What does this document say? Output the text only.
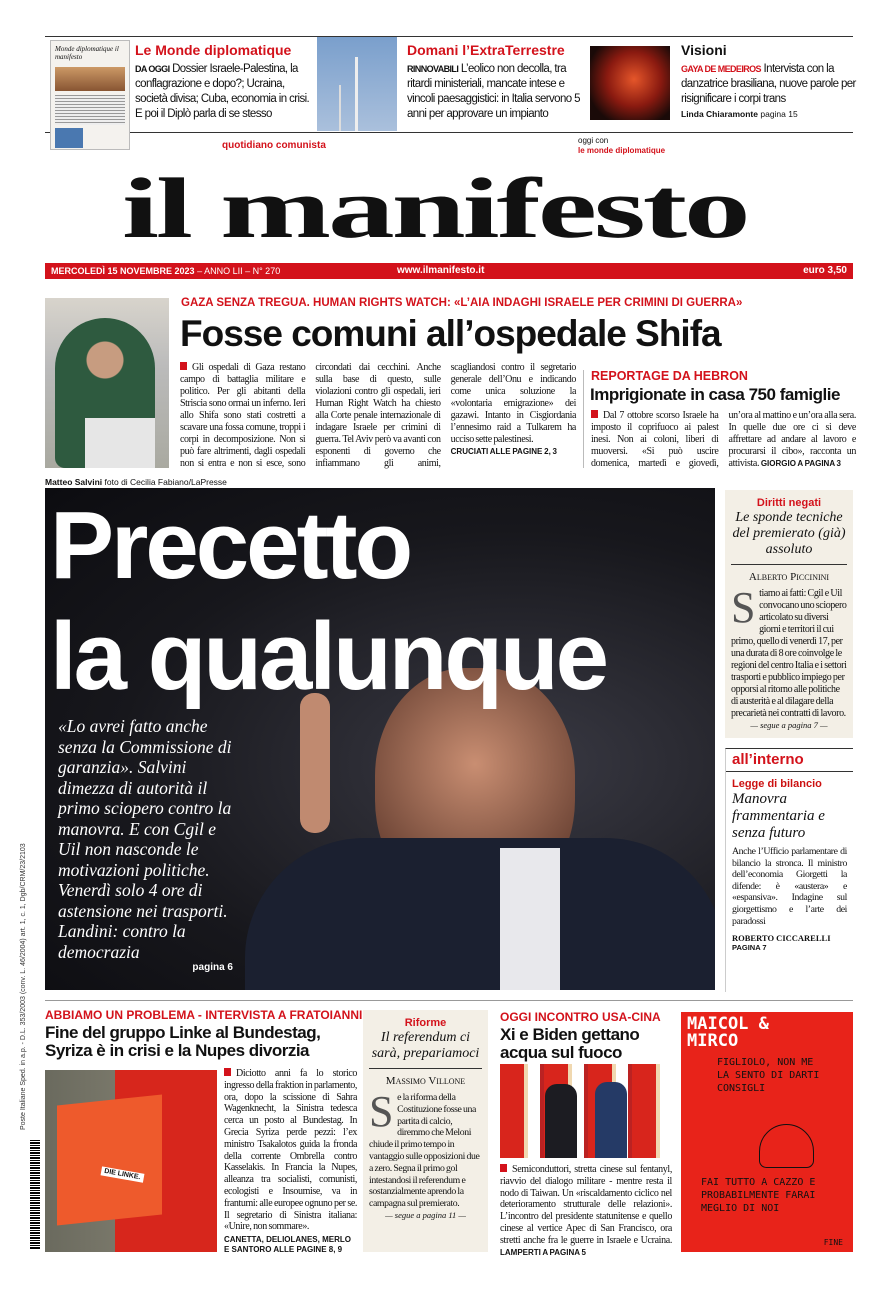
Monde diplomatique il manifesto	Le Monde diplomatique
DA OGGI Dossier Israele-Palestina, la conflagrazione e dopo?; Ucraina, società divisa; Cuba, economia in crisi. E poi il Diplò parla di se stesso
Domani l’ExtraTerrestre
RINNOVABILI L’eolico non decolla, tra ritardi ministeriali, mancate intese e vincoli paesaggistici: in Italia servono 5 anni per approvare un impianto
Visioni
GAYA DE MEDEIROS Intervista con la danzatrice brasiliana, nuove parole per risignificare i corpi trans
Linda Chiaramonte pagina 15
quotidiano comunista	oggi con
le monde diplomatique
il manifesto
MERCOLEDÌ 15 NOVEMBRE 2023 – ANNO LII – N° 270	www.ilmanifesto.it	euro 3,50
GAZA SENZA TREGUA. HUMAN RIGHTS WATCH: «L’AIA INDAGHI ISRAELE PER CRIMINI DI GUERRA»
Fosse comuni all’ospedale Shifa
Gli ospedali di Gaza restano campo di battaglia militare e politico. Per gli abitanti della Striscia sono ormai un inferno. Ieri allo Shifa sono stati costretti a scavare una fossa comune, troppi i corpi in decomposizione. Non si può fare altrimenti, dagli ospedali non si entra e non si esce, sono circondati dai cecchini. Anche sulla base di questo, sulle violazioni contro gli ospedali, ieri Human Right Watch ha chiesto alla Corte penale internazionale di indagare Israele per crimini di guerra. Tel Aviv però va avanti con esponenti di governo che infiammano gli animi, scagliandosi contro il segretario generale dell’Onu e indicando come unica soluzione la «volontaria emigrazione» dei gazawi. Intanto in Cisgiordania l’ennesimo raid a Tulkarem ha ucciso sette palestinesi.
CRUCIATI ALLE PAGINE 2, 3
REPORTAGE DA HEBRON
Imprigionate in casa 750 famiglie
Dal 7 ottobre scorso Israele ha imposto il coprifuoco ai palest inesi. Non ai coloni, liberi di muoversi. «Si può uscire domenica, martedì e giovedì, un’ora al mattino e un’ora alla sera. In quelle due ore ci si deve affrettare ad andare al lavoro e procurarsi il cibo», racconta un attivista. GIORGIO A PAGINA 3
Matteo Salvini foto di Cecilia Fabiano/LaPresse
Precetto
la qualunque
«Lo avrei fatto anche senza la Commissione di garanzia». Salvini dimezza di autorità il primo sciopero contro la manovra. E con Cgil e Uil non nasconde le motivazioni politiche. Venerdì solo 4 ore di astensione nei trasporti. Landini: contro la democrazia
pagina 6
Diritti negati
Le sponde tecniche del premierato (già) assoluto
Alberto Piccinini
Stiamo ai fatti: Cgil e Uil convocano uno sciopero articolato su diversi giorni e territori il cui primo, quello di venerdì 17, per una durata di 8 ore coinvolge le regioni del centro Italia e i settori trasporti e pubblico impiego per opporsi al ritorno alle politiche di austerità e al dilagare della precarietà nei contratti di lavoro.
— segue a pagina 7 —
all’interno
Legge di bilancio
Manovra frammentaria e senza futuro
Anche l’Ufficio parlamentare di bilancio la stronca. Il ministro dell’economia Giorgetti la difende: è «austera» e «espansiva». Indagine sul giorgettismo e l’arte dei paradossi
ROBERTO CICCARELLI
PAGINA 7
Poste Italiane Sped. in a.p. - D.L. 353/2003 (conv. L. 46/2004) art. 1, c. 1, Dgb/CRM/23/2103 ABBIAMO UN PROBLEMA - INTERVISTA A FRATOIANNI
Fine del gruppo Linke al Bundestag, Syriza è in crisi e la Nupes divorzia
DIE LINKE.
Diciotto anni fa lo storico ingresso della fraktion in parlamento, ora, dopo la scissione di Sahra Wagenknecht, la Sinistra tedesca cerca un posto al Bundestag. In Grecia Syriza perde pezzi: l’ex ministro Tsakalotos guida la fronda della corrente Ombrella contro Kasselakis. In Francia la Nupes, alleanza tra socialisti, comunisti, ecologisti e Insoumise, va in frantumi: alle europee ognuno per se. Il segretario di Sinistra italiana: «Unire, non sommare».
CANETTA, DELIOLANES, MERLO E SANTORO ALLE PAGINE 8, 9
Riforme
Il referendum ci sarà, prepariamoci
Massimo Villone
Se la riforma della Costituzione fosse una partita di calcio, diremmo che Meloni chiude il primo tempo in vantaggio sulle opposizioni due a zero. Segna il primo gol intestandosi il referendum e sostanzialmente aprendo la campagna sul premierato.
— segue a pagina 11 —
OGGI INCONTRO USA-CINA
Xi e Biden gettano acqua sul fuoco
Semiconduttori, stretta cinese sul fentanyl, riavvio del dialogo militare - mentre resta il nodo di Taiwan. Un «riscaldamento ciclico nel deterioramento strutturale delle relazioni». L’incontro del presidente statunitense e quello cinese al vertice Apec di San Francisco, ora stretti anche fra le guerre in Israele e Ucraina. LAMPERTI A PAGINA 5
MAICOL & MIRCO
FIGLIOLO, NON ME LA SENTO DI DARTI CONSIGLI
FAI TUTTO A CAZZO E PROBABILMENTE FARAI MEGLIO DI NOI
FINE
